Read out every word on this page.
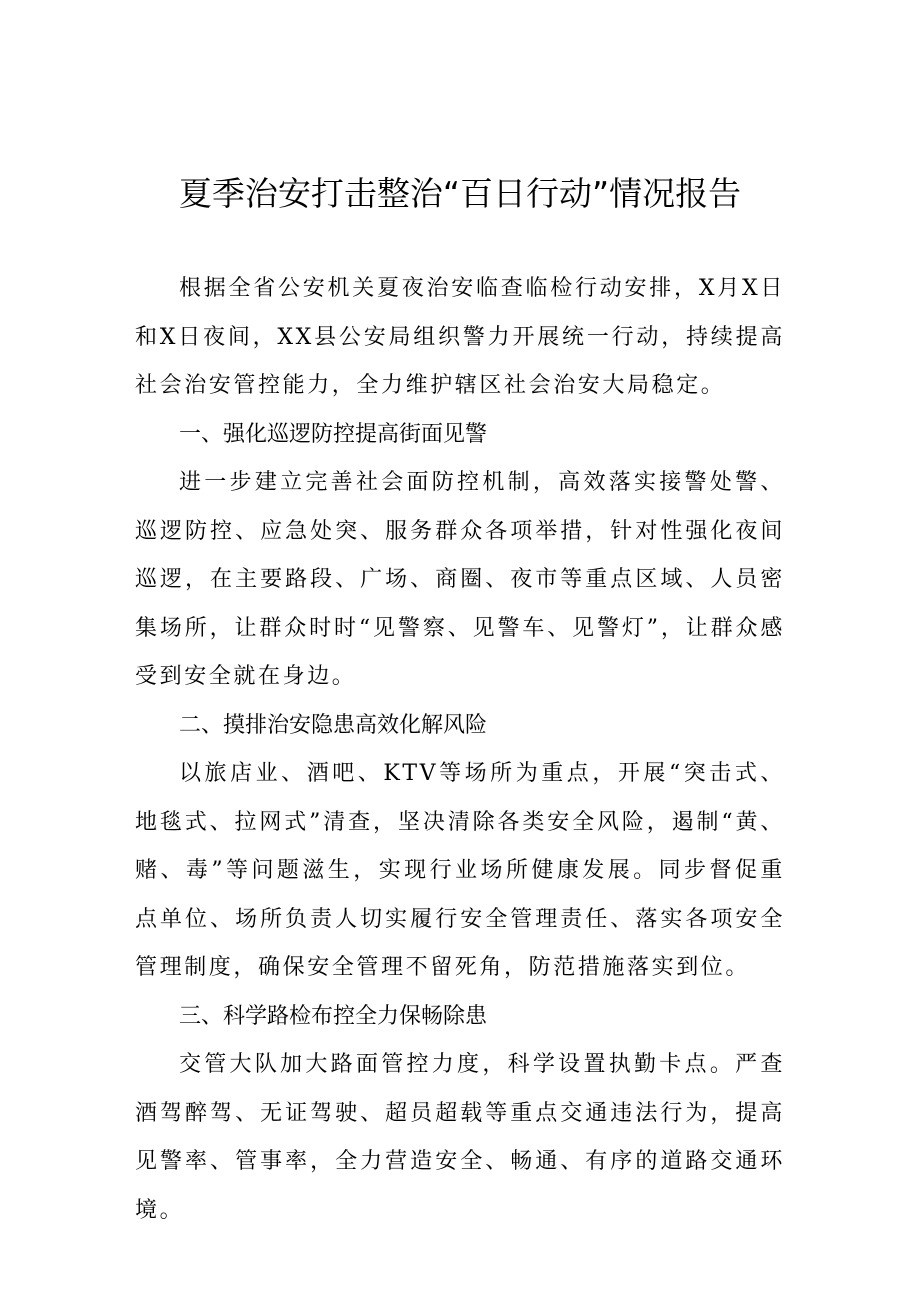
夏季治安打击整治“百日行动”情况报告

根据全省公安机关夏夜治安临查临检行动安排，X月X日和X日夜间，XX县公安局组织警力开展统一行动，持续提高社会治安管控能力，全力维护辖区社会治安大局稳定。

一、强化巡逻防控提高街面见警

进一步建立完善社会面防控机制，高效落实接警处警、巡逻防控、应急处突、服务群众各项举措，针对性强化夜间巡逻，在主要路段、广场、商圈、夜市等重点区域、人员密集场所，让群众时时“见警察、见警车、见警灯”，让群众感受到安全就在身边。

二、摸排治安隐患高效化解风险

以旅店业、酒吧、KTV等场所为重点，开展“突击式、地毯式、拉网式”清查，坚决清除各类安全风险，遏制“黄、赌、毒”等问题滋生，实现行业场所健康发展。同步督促重点单位、场所负责人切实履行安全管理责任、落实各项安全管理制度，确保安全管理不留死角，防范措施落实到位。

三、科学路检布控全力保畅除患

交管大队加大路面管控力度，科学设置执勤卡点。严查酒驾醉驾、无证驾驶、超员超载等重点交通违法行为，提高见警率、管事率，全力营造安全、畅通、有序的道路交通环境。
